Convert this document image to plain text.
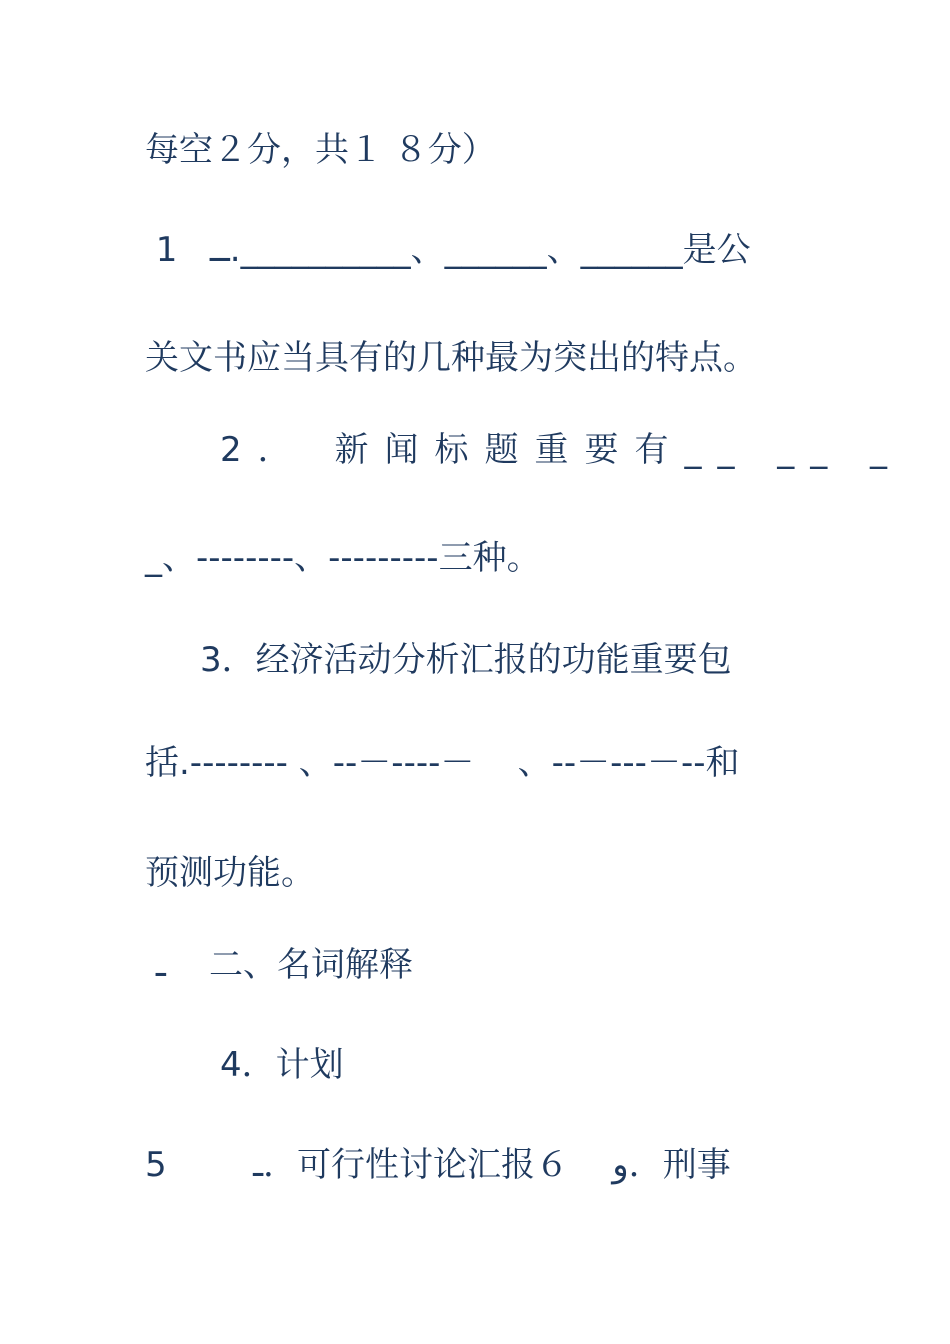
每空２分，共１ ８分）
1   ــ.__________、______、______是公
关文书应当具有的几种最为突出的特点。
2． 新闻标题重要有__ __ _
_、--------、---------三种。
3．经济活动分析汇报的功能重要包
括.-------- 、--－----－    、--－---－--和
预测功能。
ـ    二、名词解释
4．计划
5        ـ．可行性讨论汇报６    و．刑事
